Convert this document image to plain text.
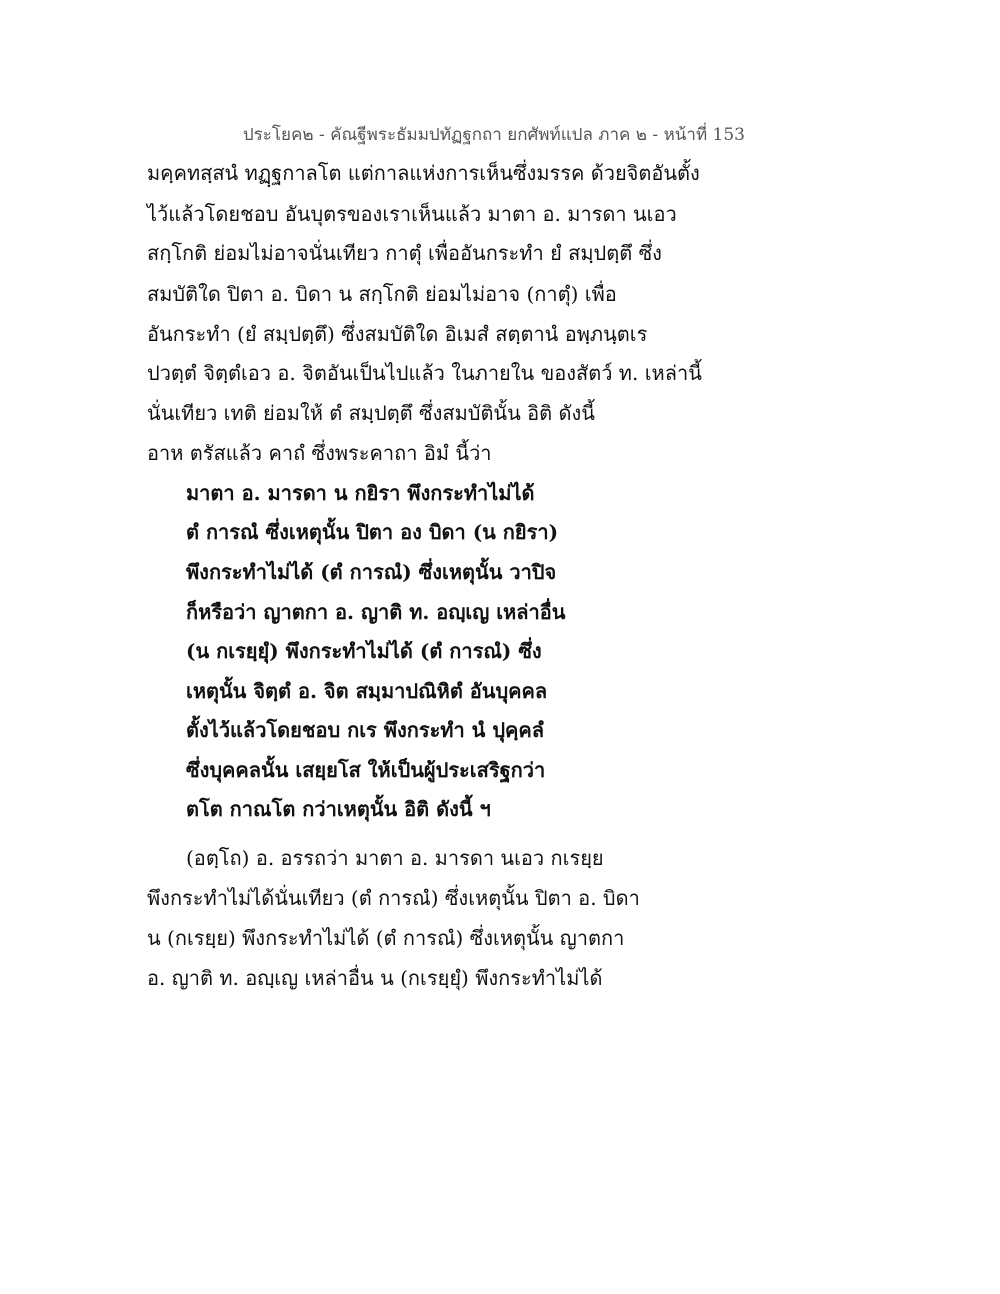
ประโยค๒ - คัณฐีพระธัมมปทัฏฐกถา ยกศัพท์แปล ภาค ๒ - หน้าที่ 153
มคฺคทสฺสนํ ทฏฺฐกาลโต แต่กาลแห่งการเห็นซึ่งมรรค ด้วยจิตอันตั้ง
ไว้แล้วโดยชอบ อันบุตรของเราเห็นแล้ว มาตา อ. มารดา นเอว
สกฺโกติ ย่อมไม่อาจนั่นเทียว กาตุํ เพื่ออันกระทำ ยํ สมฺปตฺตึ ซึ่ง
สมบัติใด ปิตา อ. บิดา น สกฺโกติ ย่อมไม่อาจ (กาตุํ) เพื่อ
อันกระทำ (ยํ สมฺปตฺตึ) ซึ่งสมบัติใด อิเมสํ สตฺตานํ อพฺภนฺตเร
ปวตฺตํ จิตฺตํเอว อ. จิตอันเป็นไปแล้ว ในภายใน ของสัตว์ ท. เหล่านี้
นั่นเทียว เทติ ย่อมให้ ตํ สมฺปตฺตึ ซึ่งสมบัตินั้น อิติ ดังนี้
อาห ตรัสแล้ว คาถํ ซึ่งพระคาถา อิมํ นี้ว่า
มาตา อ. มารดา น กยิรา พึงกระทำไม่ได้
ตํ การณํ ซึ่งเหตุนั้น ปิตา อง บิดา (น กยิรา)
พึงกระทำไม่ได้ (ตํ การณํ) ซึ่งเหตุนั้น วาปิจ
ก็หรือว่า ญาตกา อ. ญาติ ท. อญฺเญ เหล่าอื่น
(น กเรยฺยุํ) พึงกระทำไม่ได้ (ตํ การณํ) ซึ่ง
เหตุนั้น จิตฺตํ อ. จิต สมฺมาปณิหิตํ อันบุคคล
ตั้งไว้แล้วโดยชอบ กเร พึงกระทำ นํ ปุคฺคลํ
ซึ่งบุคคลนั้น เสยฺยโส ให้เป็นผู้ประเสริฐกว่า
ตโต กาณโต กว่าเหตุนั้น อิติ ดังนี้ ฯ
(อตฺโถ) อ. อรรถว่า มาตา อ. มารดา นเอว กเรยฺย
พึงกระทำไม่ได้นั่นเทียว (ตํ การณํ) ซึ่งเหตุนั้น ปิตา อ. บิดา
น (กเรยฺย) พึงกระทำไม่ได้ (ตํ การณํ) ซึ่งเหตุนั้น ญาตกา
อ. ญาติ ท. อญฺเญ เหล่าอื่น น (กเรยฺยุํ) พึงกระทำไม่ได้
